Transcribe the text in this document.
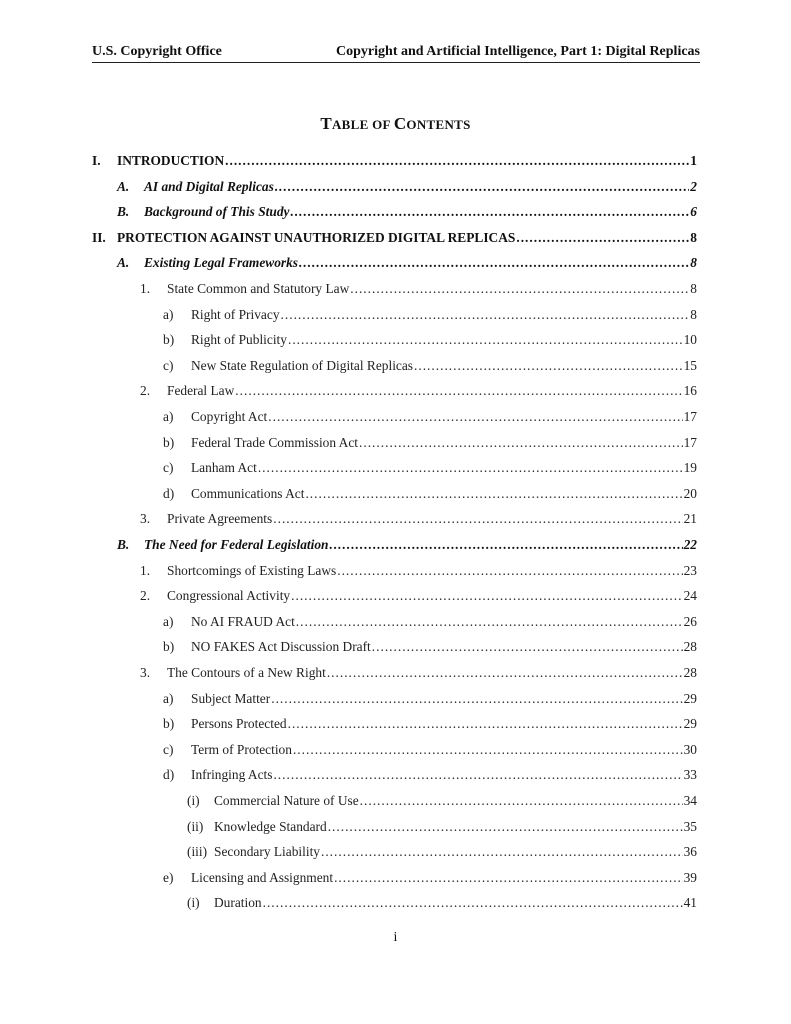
U.S. Copyright Office	Copyright and Artificial Intelligence, Part 1: Digital Replicas
TABLE OF CONTENTS
I.	INTRODUCTION .....	1
A.	AI and Digital Replicas .....	2
B.	Background of This Study .....	6
II. PROTECTION AGAINST UNAUTHORIZED DIGITAL REPLICAS .....	8
A.	Existing Legal Frameworks .....	8
1.	State Common and Statutory Law .....	8
a)	Right of Privacy .....	8
b)	Right of Publicity .....	10
c)	New State Regulation of Digital Replicas .....	15
2.	Federal Law .....	16
a)	Copyright Act .....	17
b)	Federal Trade Commission Act .....	17
c)	Lanham Act .....	19
d)	Communications Act .....	20
3.	Private Agreements .....	21
B.	The Need for Federal Legislation .....	22
1.	Shortcomings of Existing Laws .....	23
2.	Congressional Activity .....	24
a)	No AI FRAUD Act .....	26
b)	NO FAKES Act Discussion Draft .....	28
3.	The Contours of a New Right .....	28
a)	Subject Matter .....	29
b)	Persons Protected .....	29
c)	Term of Protection .....	30
d)	Infringing Acts .....	33
(i)	Commercial Nature of Use .....	34
(ii) Knowledge Standard .....	35
(iii) Secondary Liability .....	36
e)	Licensing and Assignment .....	39
(i)	Duration .....	41
i
